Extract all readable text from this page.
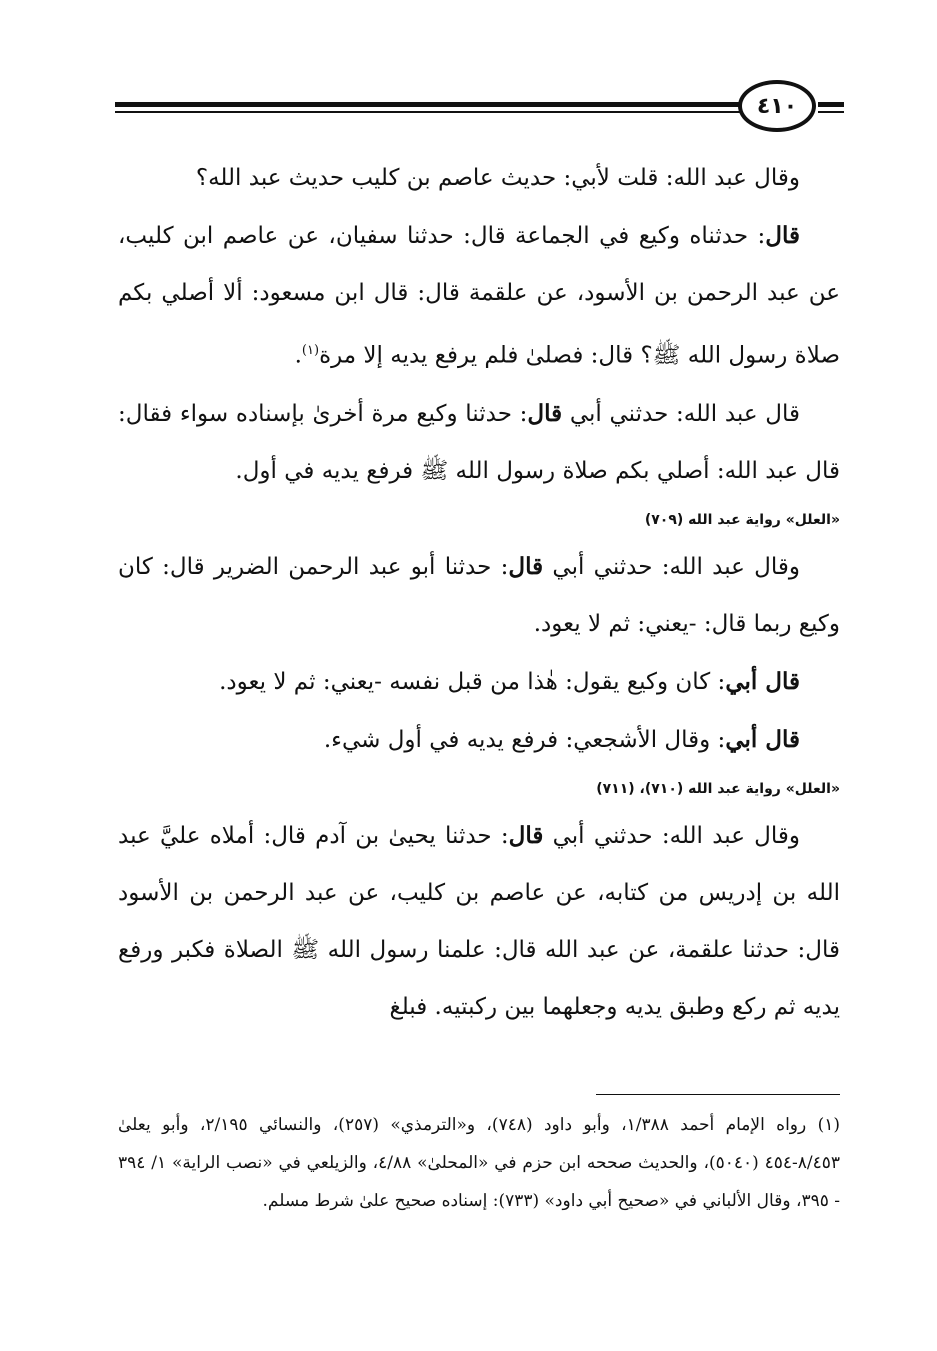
٤١٠

وقال عبد الله: قلت لأبي: حديث عاصم بن كليب حديث عبد الله؟

قال: حدثناه وكيع في الجماعة قال: حدثنا سفيان، عن عاصم ابن كليب، عن عبد الرحمن بن الأسود، عن علقمة قال: قال ابن مسعود: ألا أصلي بكم صلاة رسول الله ﷺ؟ قال: فصلىٰ فلم يرفع يديه إلا مرة$^{(١)}$.

قال عبد الله: حدثني أبي قال: حدثنا وكيع مرة أخرىٰ بإسناده سواء فقال: قال عبد الله: أصلي بكم صلاة رسول الله ﷺ فرفع يديه في أول.

«العلل» رواية عبد الله (٧٠٩)

وقال عبد الله: حدثني أبي قال: حدثنا أبو عبد الرحمن الضرير قال: كان وكيع ربما قال: -يعني: ثم لا يعود.

قال أبي: كان وكيع يقول: هٰذا من قبل نفسه -يعني: ثم لا يعود.

قال أبي: وقال الأشجعي: فرفع يديه في أول شيء.

«العلل» رواية عبد الله (٧١٠)، (٧١١)

وقال عبد الله: حدثني أبي قال: حدثنا يحيىٰ بن آدم قال: أملاه عليَّ عبد الله بن إدريس من كتابه، عن عاصم بن كليب، عن عبد الرحمن بن الأسود قال: حدثنا علقمة، عن عبد الله قال: علمنا رسول الله ﷺ الصلاة فكبر ورفع يديه ثم ركع وطبق يديه وجعلهما بين ركبتيه. فبلغ

(١) رواه الإمام أحمد ١/٣٨٨، وأبو داود (٧٤٨)، و«الترمذي» (٢٥٧)، والنسائي ٢/١٩٥، وأبو يعلىٰ ٨/٤٥٣-٤٥٤ (٥٠٤٠)، والحديث صححه ابن حزم في «المحلىٰ» ٤/٨٨، والزيلعي في «نصب الراية» ١/ ٣٩٤ - ٣٩٥، وقال الألباني في «صحيح أبي داود» (٧٣٣): إسناده صحيح علىٰ شرط مسلم.
